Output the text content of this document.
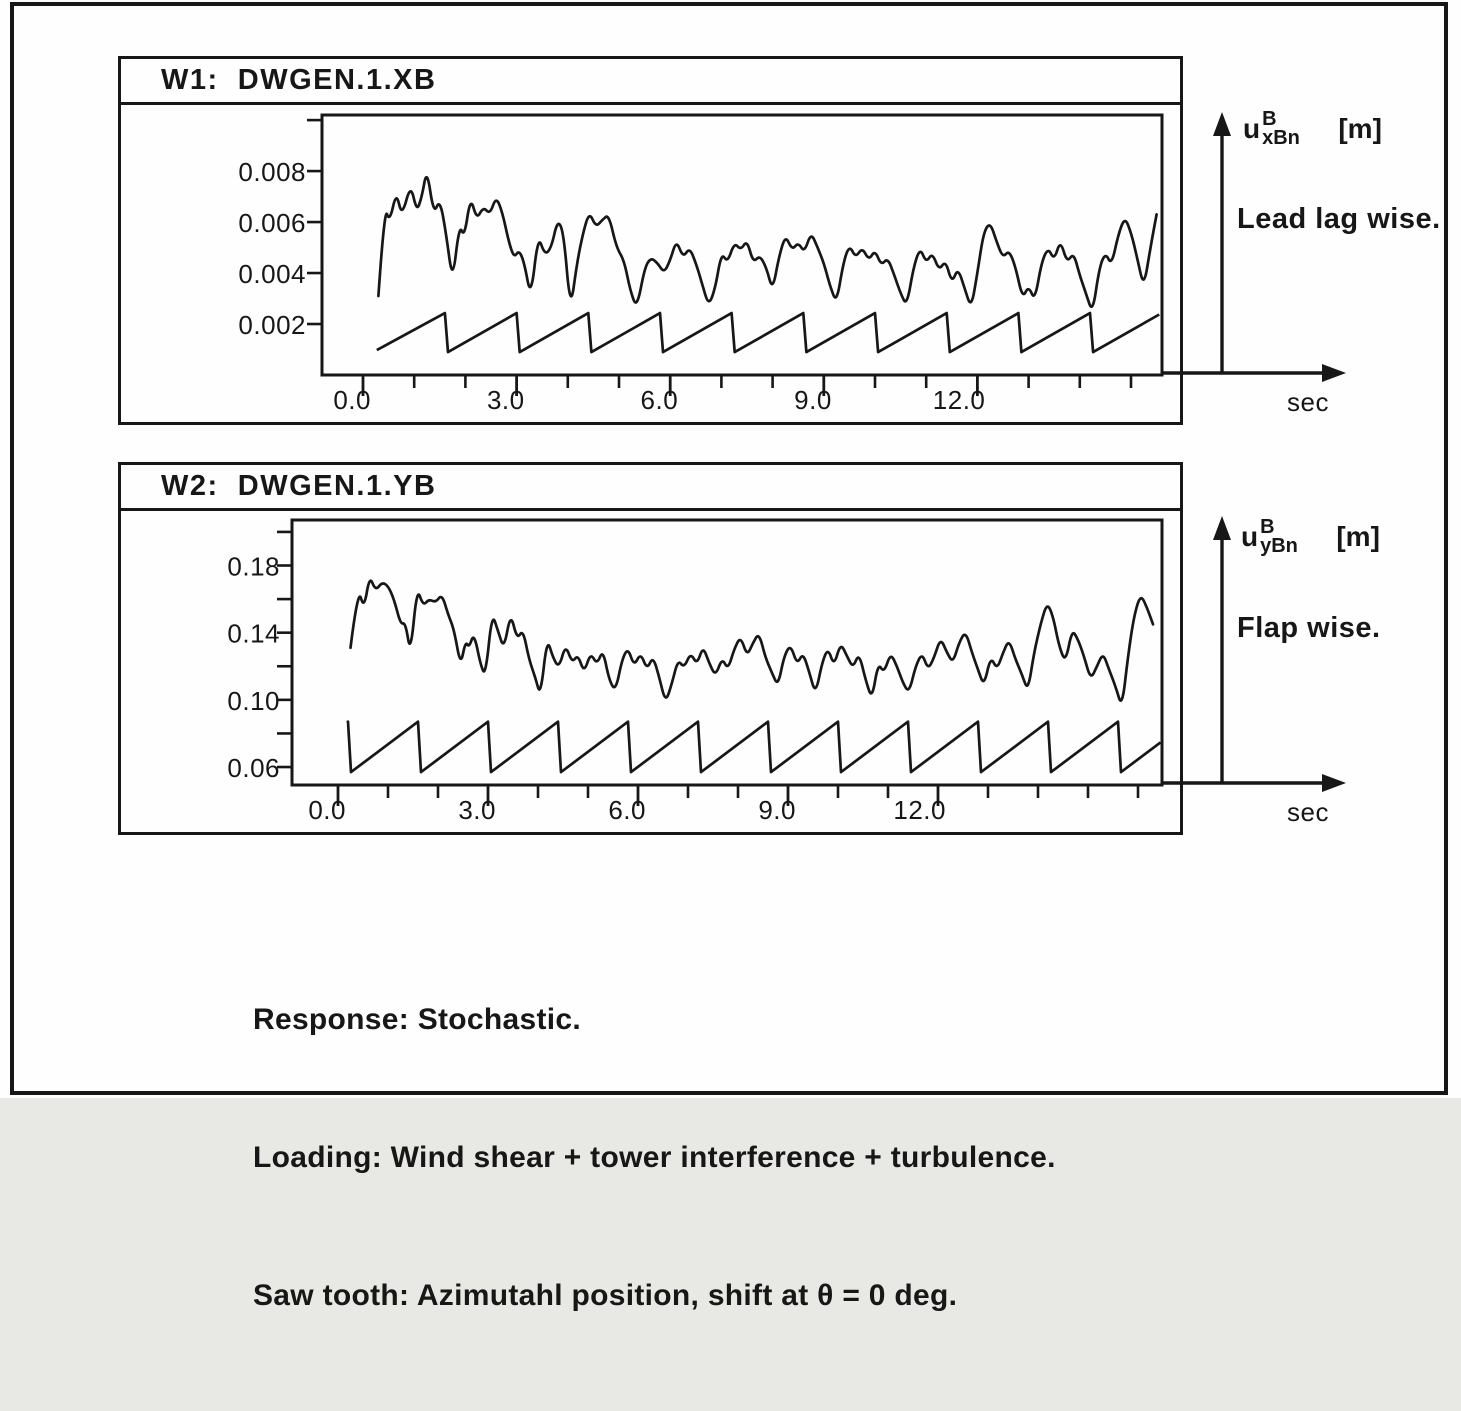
W1:  DWGEN.1.XB
W2:  DWGEN.1.YB
0.008
0.006
0.004
0.002
0.0	3.0	6.0	9.0	12.0	sec
0.18
0.14
0.10
0.06
0.0	3.0	6.0	9.0	12.0	sec
u B
xBn [m]
Lead lag wise.
u B
yBn [m]
Flap wise.

Response: Stochastic.

Loading: Wind shear + tower interference + turbulence.

Saw tooth: Azimutahl position, shift at θ = 0 deg.
